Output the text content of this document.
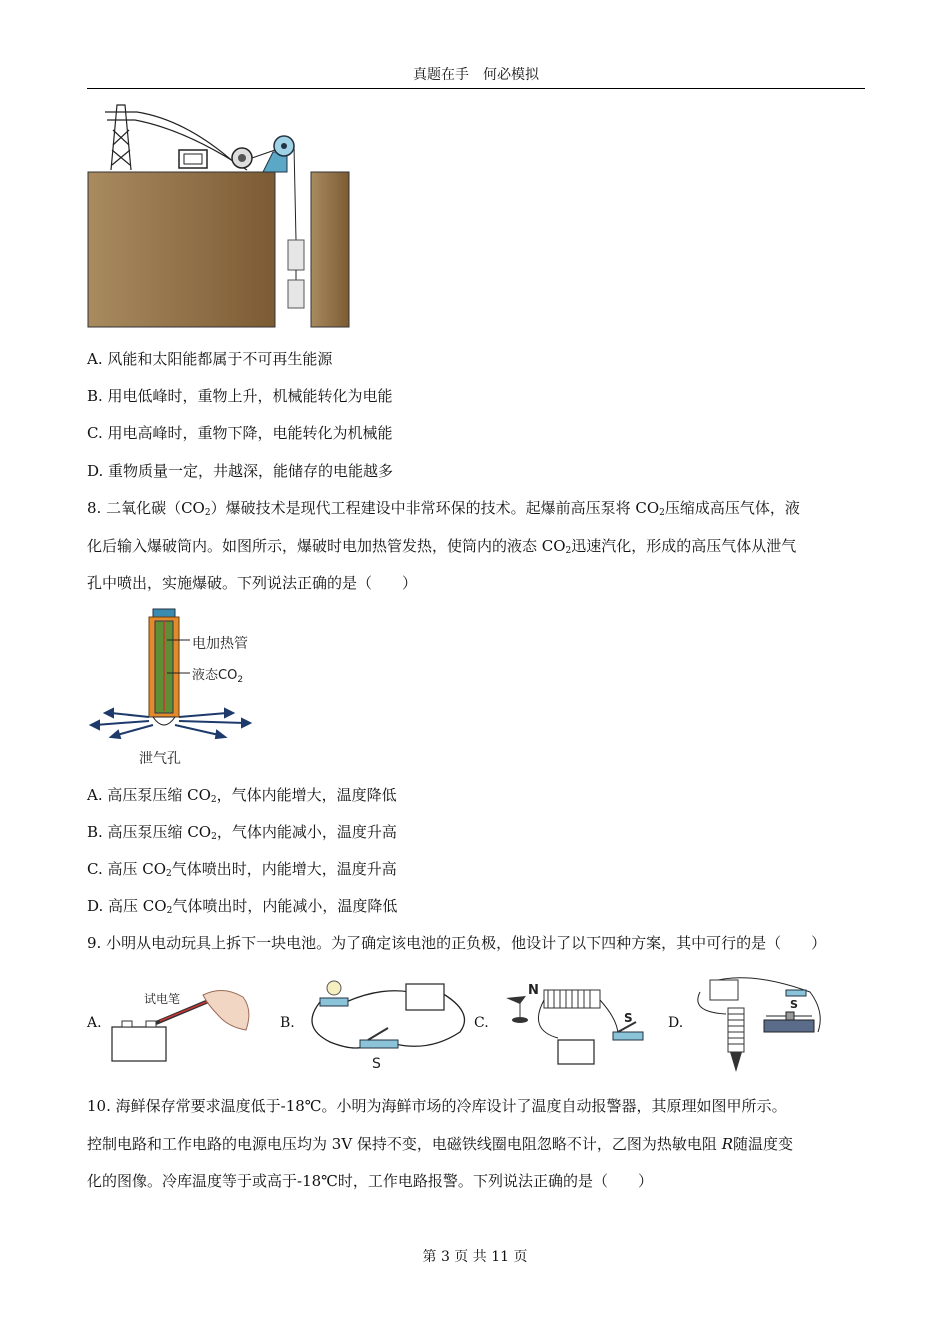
真题在手　何必模拟
A. 风能和太阳能都属于不可再生能源
B. 用电低峰时，重物上升，机械能转化为电能
C. 用电高峰时，重物下降，电能转化为机械能
D. 重物质量一定，井越深，能储存的电能越多
8. 二氧化碳$(CO_2)$爆破技术是现代工程建设中非常环保的技术。起爆前高压泵将 $CO_2$压缩成高压气体，液
化后输入爆破筒内。如图所示，爆破时电加热管发热，使筒内的液态 $CO_2$迅速汽化，形成的高压气体从泄气
孔中喷出，实施爆破。下列说法正确的是（　　）
电加热管
液态$CO_2$
泄气孔
A. 高压泵压缩 $CO_2$，气体内能增大，温度降低
B. 高压泵压缩 $CO_2$，气体内能减小，温度升高
C. 高压 $CO_2$气体喷出时，内能增大，温度升高
D. 高压 $CO_2$气体喷出时，内能减小，温度降低
9. 小明从电动玩具上拆下一块电池。为了确定该电池的正负极，他设计了以下四种方案，其中可行的是（　　）
A.
试电笔
B.
S
C.
N
S	D.
S
10. 海鲜保存常要求温度低于-18℃。小明为海鲜市场的冷库设计了温度自动报警器，其原理如图甲所示。
控制电路和工作电路的电源电压均为 3V 保持不变，电磁铁线圈电阻忽略不计，乙图为热敏电阻 R随温度变
化的图像。冷库温度等于或高于-18℃时，工作电路报警。下列说法正确的是（　　）
第 3 页 共 11 页
